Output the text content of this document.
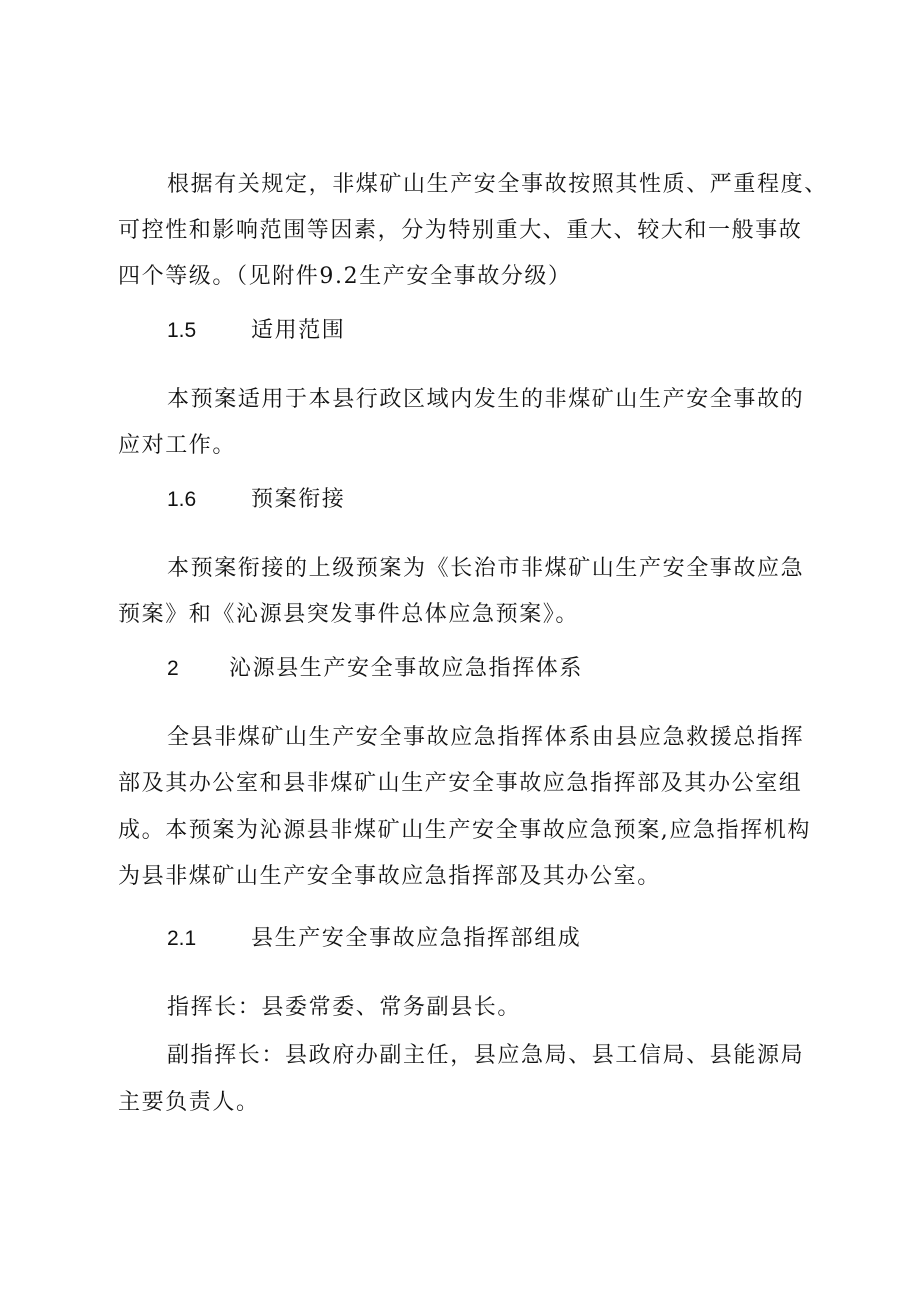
根据有关规定，非煤矿山生产安全事故按照其性质、严重程度、
可控性和影响范围等因素，分为特别重大、重大、较大和一般事故
四个等级。（见附件9.2生产安全事故分级）
1.5 适用范围
本预案适用于本县行政区域内发生的非煤矿山生产安全事故的
应对工作。
1.6 预案衔接
本预案衔接的上级预案为《长治市非煤矿山生产安全事故应急
预案》和《沁源县突发事件总体应急预案》。
2 沁源县生产安全事故应急指挥体系
全县非煤矿山生产安全事故应急指挥体系由县应急救援总指挥
部及其办公室和县非煤矿山生产安全事故应急指挥部及其办公室组
成。本预案为沁源县非煤矿山生产安全事故应急预案,应急指挥机构
为县非煤矿山生产安全事故应急指挥部及其办公室。
2.1 县生产安全事故应急指挥部组成
指挥长：县委常委、常务副县长。
副指挥长：县政府办副主任，县应急局、县工信局、县能源局
主要负责人。
